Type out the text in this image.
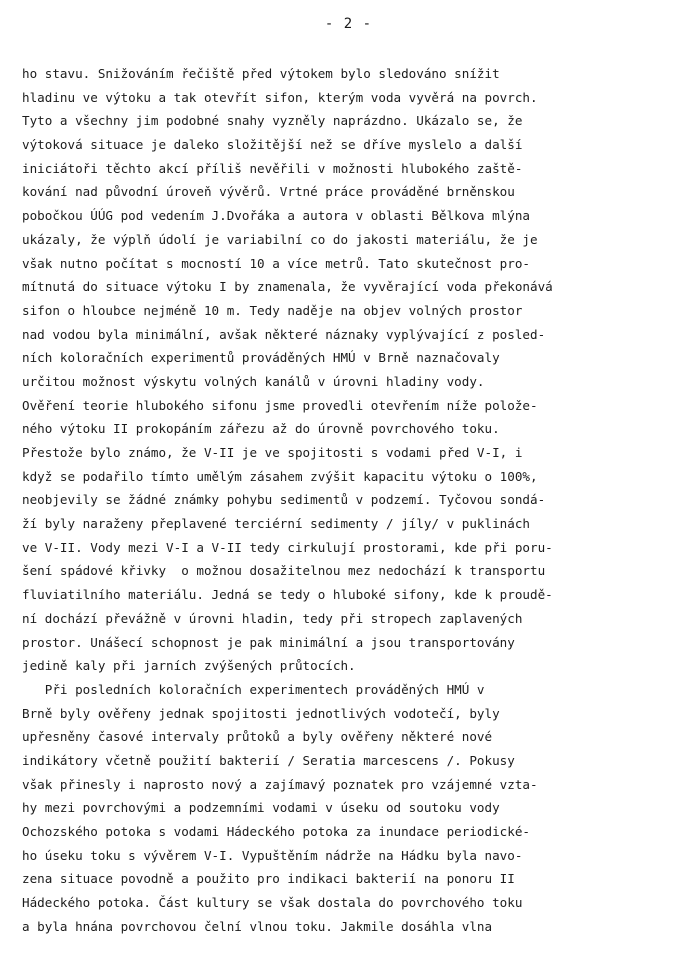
- 2 -
ho stavu. Snižováním řečiště před výtokem bylo sledováno snížit
hladinu ve výtoku a tak otevřít sifon, kterým voda vyvěrá na povrch.
Tyto a všechny jim podobné snahy vyzněly naprázdno. Ukázalo se, že
výtoková situace je daleko složitější než se dříve myslelo a další
iniciátoři těchto akcí příliš nevěřili v možnosti hlubokého zaště-
kování nad původní úroveň vývěrů. Vrtné práce prováděné brněnskou
pobočkou ÚÚG pod vedením J.Dvořáka a autora v oblasti Bělkova mlýna
ukázaly, že výplň údolí je variabilní co do jakosti materiálu, že je
však nutno počítat s mocností 10 a více metrů. Tato skutečnost pro-
mítnutá do situace výtoku I by znamenala, že vyvěrající voda překonává
sifon o hloubce nejméně 10 m. Tedy naděje na objev volných prostor
nad vodou byla minimální, avšak některé náznaky vyplývající z posled-
ních koloračních experimentů prováděných HMÚ v Brně naznačovaly
určitou možnost výskytu volných kanálů v úrovni hladiny vody.
Ověření teorie hlubokého sifonu jsme provedli otevřením níže polože-
ného výtoku II prokopáním zářezu až do úrovně povrchového toku.
Přestože bylo známo, že V-II je ve spojitosti s vodami před V-I, i
když se podařilo tímto umělým zásahem zvýšit kapacitu výtoku o 100%,
neobjevily se žádné známky pohybu sedimentů v podzemí. Tyčovou sondá-
ží byly naraženy přeplavené terciérní sedimenty / jíly/ v puklinách
ve V-II. Vody mezi V-I a V-II tedy cirkulují prostorami, kde při poru-
šení spádové křivky  o možnou dosažitelnou mez nedochází k transportu
fluviatilního materiálu. Jedná se tedy o hluboké sifony, kde k proudě-
ní dochází převážně v úrovni hladin, tedy při stropech zaplavených
prostor. Unášecí schopnost je pak minimální a jsou transportovány
jedině kaly při jarních zvýšených průtocích.
Při posledních koloračních experimentech prováděných HMÚ v
Brně byly ověřeny jednak spojitosti jednotlivých vodotečí, byly
upřesněny časové intervaly průtoků a byly ověřeny některé nové
indikátory včetně použití bakterií / Seratia marcescens /. Pokusy
však přinesly i naprosto nový a zajímavý poznatek pro vzájemné vzta-
hy mezi povrchovými a podzemními vodami v úseku od soutoku vody
Ochozského potoka s vodami Hádeckého potoka za inundace periodické-
ho úseku toku s vývěrem V-I. Vypuštěním nádrže na Hádku byla navo-
zena situace povodně a použito pro indikaci bakterií na ponoru II
Hádeckého potoka. Část kultury se však dostala do povrchového toku
a byla hnána povrchovou čelní vlnou toku. Jakmile dosáhla vlna
